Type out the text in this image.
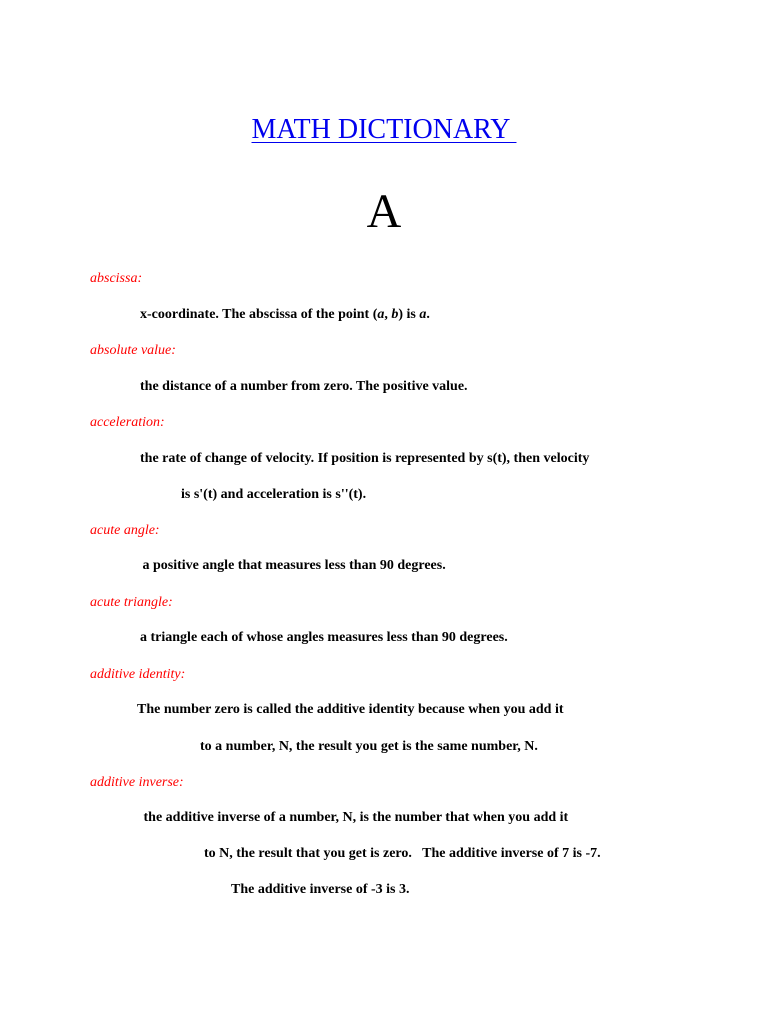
MATH DICTIONARY
A
abscissa:
x-coordinate. The abscissa of the point (a, b) is a.
absolute value:
the distance of a number from zero. The positive value.
acceleration:
the rate of change of velocity. If position is represented by s(t), then velocity
is s'(t) and acceleration is s''(t).
acute angle:
a positive angle that measures less than 90 degrees.
acute triangle:
a triangle each of whose angles measures less than 90 degrees.
additive identity:
The number zero is called the additive identity because when you add it
to a number, N, the result you get is the same number, N.
additive inverse:
the additive inverse of a number, N, is the number that when you add it
to N, the result that you get is zero.   The additive inverse of 7 is -7.
The additive inverse of -3 is 3.
